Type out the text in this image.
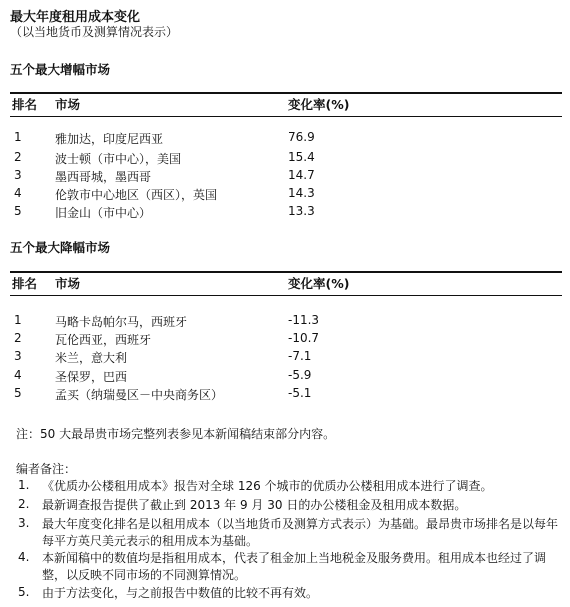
最大年度租用成本变化
（以当地货币及测算情况表示）
五个最大增幅市场
排名 市场	变化率(%)
1	雅加达，印度尼西亚	76.9
2	波士顿（市中心），美国	15.4
3	墨西哥城，墨西哥	14.7
4	伦敦市中心地区（西区），英国	14.3
5	旧金山（市中心）	13.3
五个最大降幅市场
排名 市场	变化率(%)
1	马略卡岛帕尔马，西班牙	-11.3
2	瓦伦西亚，西班牙	-10.7
3	米兰，意大利	-7.1
4	圣保罗，巴西	-5.9
5	孟买（纳瑞曼区－中央商务区）	-5.1
注：50 大最昂贵市场完整列表参见本新闻稿结束部分内容。
编者备注：
1. 《优质办公楼租用成本》报告对全球 126 个城市的优质办公楼租用成本进行了调查。
2. 最新调查报告提供了截止到 2013 年 9 月 30 日的办公楼租金及租用成本数据。
3. 最大年度变化排名是以租用成本（以当地货币及测算方式表示）为基础。最昂贵市场排名是以每年每平方英尺美元表示的租用成本为基础。
4. 本新闻稿中的数值均是指租用成本，代表了租金加上当地税金及服务费用。租用成本也经过了调整，以反映不同市场的不同测算情况。
5. 由于方法变化，与之前报告中数值的比较不再有效。
